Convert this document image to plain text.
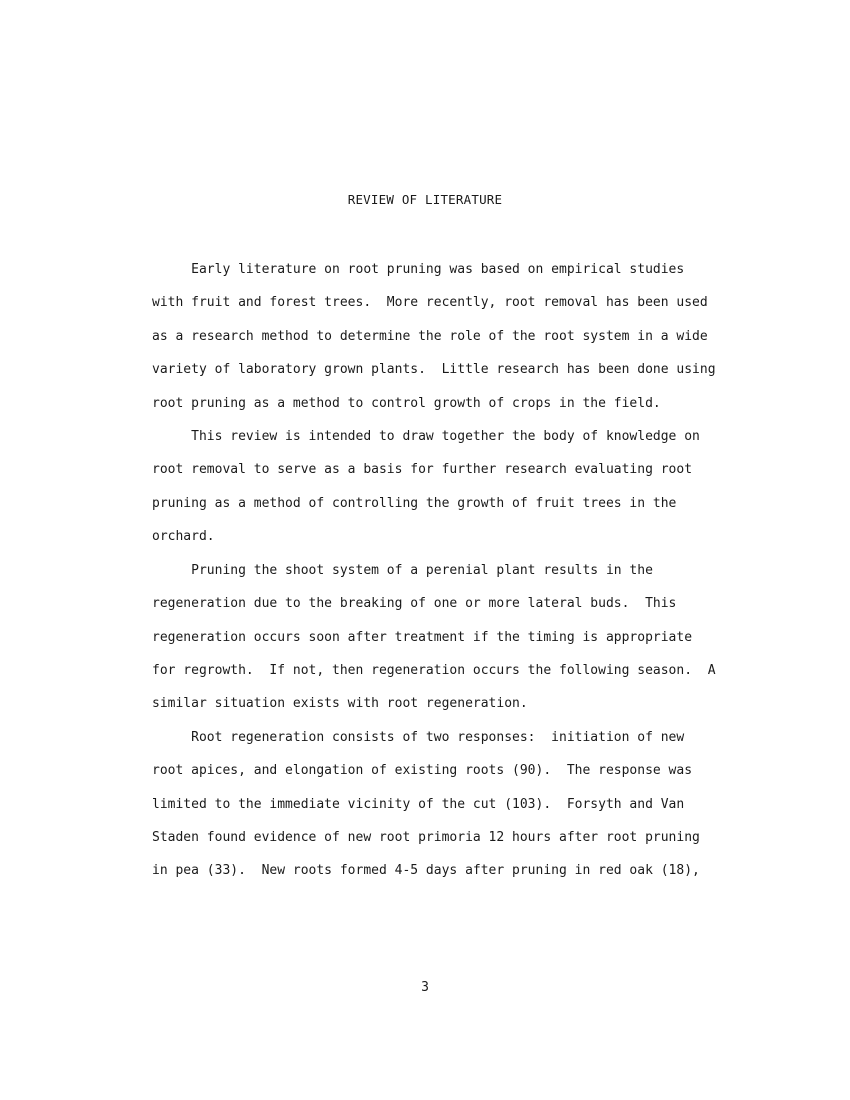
REVIEW OF LITERATURE
Early literature on root pruning was based on empirical studies
with fruit and forest trees.  More recently, root removal has been used
as a research method to determine the role of the root system in a wide
variety of laboratory grown plants.  Little research has been done using
root pruning as a method to control growth of crops in the field.
This review is intended to draw together the body of knowledge on
root removal to serve as a basis for further research evaluating root
pruning as a method of controlling the growth of fruit trees in the
orchard.
Pruning the shoot system of a perenial plant results in the
regeneration due to the breaking of one or more lateral buds.  This
regeneration occurs soon after treatment if the timing is appropriate
for regrowth.  If not, then regeneration occurs the following season.  A
similar situation exists with root regeneration.
Root regeneration consists of two responses:  initiation of new
root apices, and elongation of existing roots (90).  The response was
limited to the immediate vicinity of the cut (103).  Forsyth and Van
Staden found evidence of new root primoria 12 hours after root pruning
in pea (33).  New roots formed 4-5 days after pruning in red oak (18),
3
